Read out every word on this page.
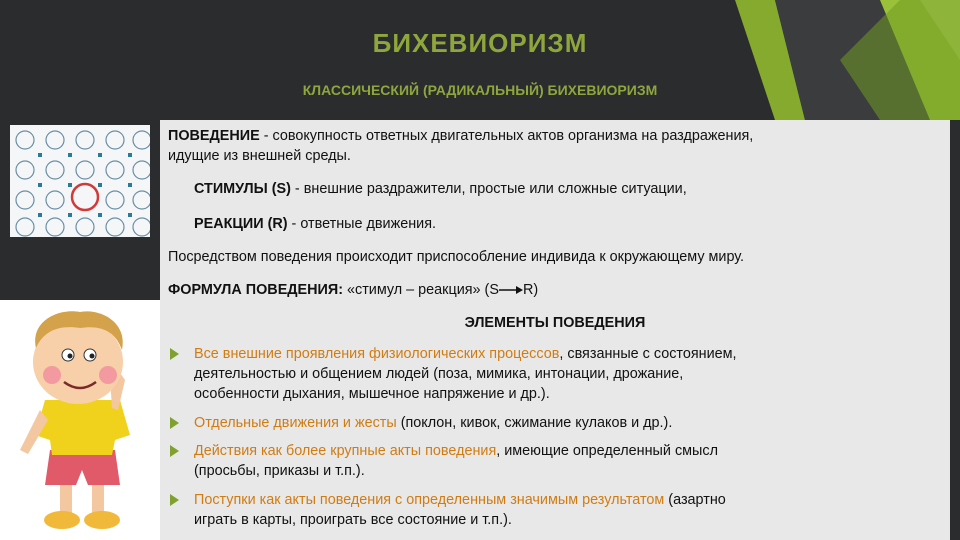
БИХЕВИОРИЗМ
КЛАССИЧЕСКИЙ (РАДИКАЛЬНЫЙ) БИХЕВИОРИЗМ
ПОВЕДЕНИЕ - совокупность ответных двигательных актов организма на раздражения,
идущие из внешней среды.
СТИМУЛЫ (S) - внешние раздражители, простые или сложные ситуации,
РЕАКЦИИ (R) - ответные движения.
Посредством поведения происходит приспособление индивида к окружающему миру.
ФОРМУЛА ПОВЕДЕНИЯ: «стимул – реакция» (S R)
ЭЛЕМЕНТЫ ПОВЕДЕНИЯ
Все внешние проявления физиологических процессов, связанные с состоянием,
деятельностью и общением людей (поза, мимика, интонации, дрожание,
особенности дыхания, мышечное напряжение и др.).
Отдельные движения и жесты (поклон, кивок, сжимание кулаков и др.).
Действия как более крупные акты поведения, имеющие определенный смысл
(просьбы, приказы и т.п.).
Поступки как акты поведения с определенным значимым результатом (азартно
играть в карты, проиграть все состояние и т.п.).
